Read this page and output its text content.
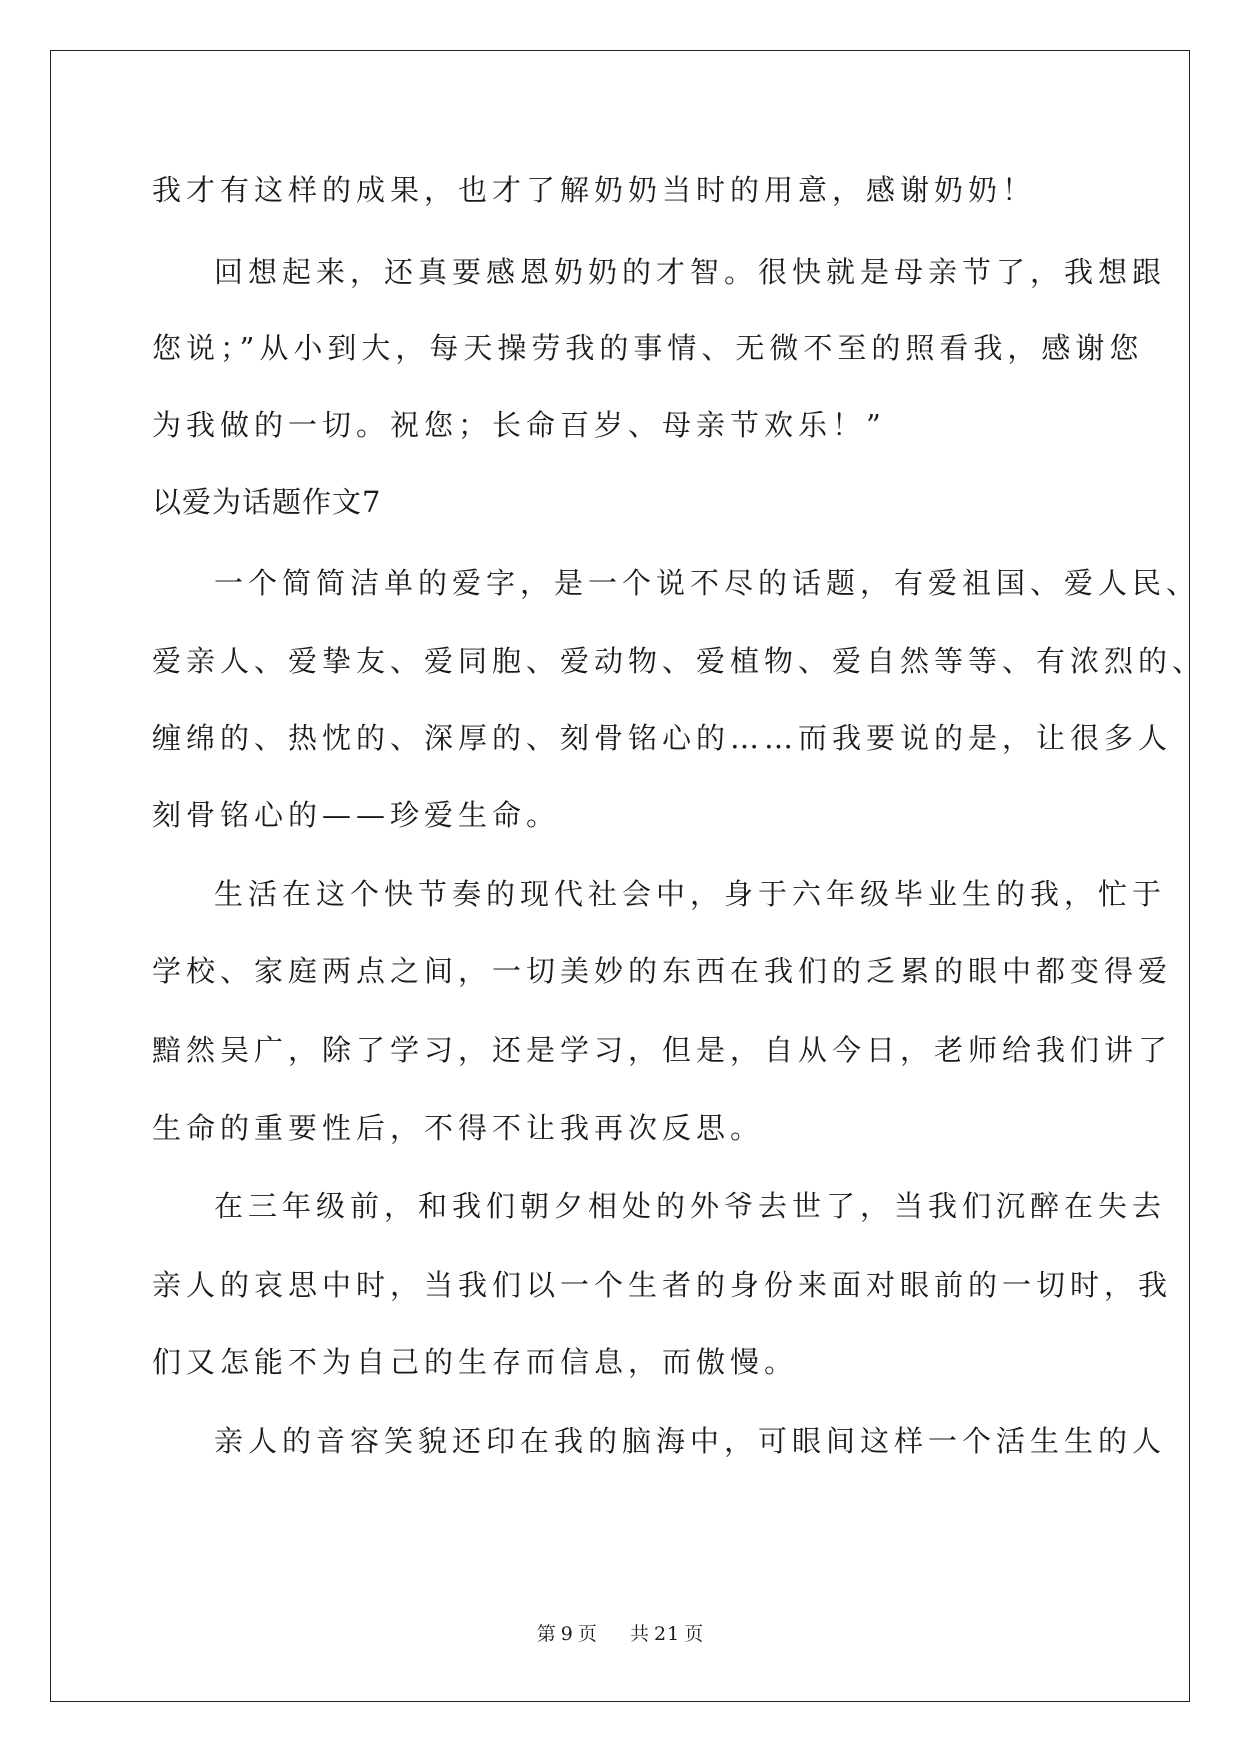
我才有这样的成果，也才了解奶奶当时的用意，感谢奶奶！
回想起来，还真要感恩奶奶的才智。很快就是母亲节了，我想跟
您说；”从小到大，每天操劳我的事情、无微不至的照看我，感谢您
为我做的一切。祝您；长命百岁、母亲节欢乐！”
以爱为话题作文7
一个简简洁单的爱字，是一个说不尽的话题，有爱祖国、爱人民、
爱亲人、爱挚友、爱同胞、爱动物、爱植物、爱自然等等、有浓烈的、
缠绵的、热忱的、深厚的、刻骨铭心的……而我要说的是，让很多人
刻骨铭心的——珍爱生命。
生活在这个快节奏的现代社会中，身于六年级毕业生的我，忙于
学校、家庭两点之间，一切美妙的东西在我们的乏累的眼中都变得爱
黯然吴广，除了学习，还是学习，但是，自从今日，老师给我们讲了
生命的重要性后，不得不让我再次反思。
在三年级前，和我们朝夕相处的外爷去世了，当我们沉醉在失去
亲人的哀思中时，当我们以一个生者的身份来面对眼前的一切时，我
们又怎能不为自己的生存而信息，而傲慢。
亲人的音容笑貌还印在我的脑海中，可眼间这样一个活生生的人
第 9 页 共 21 页
